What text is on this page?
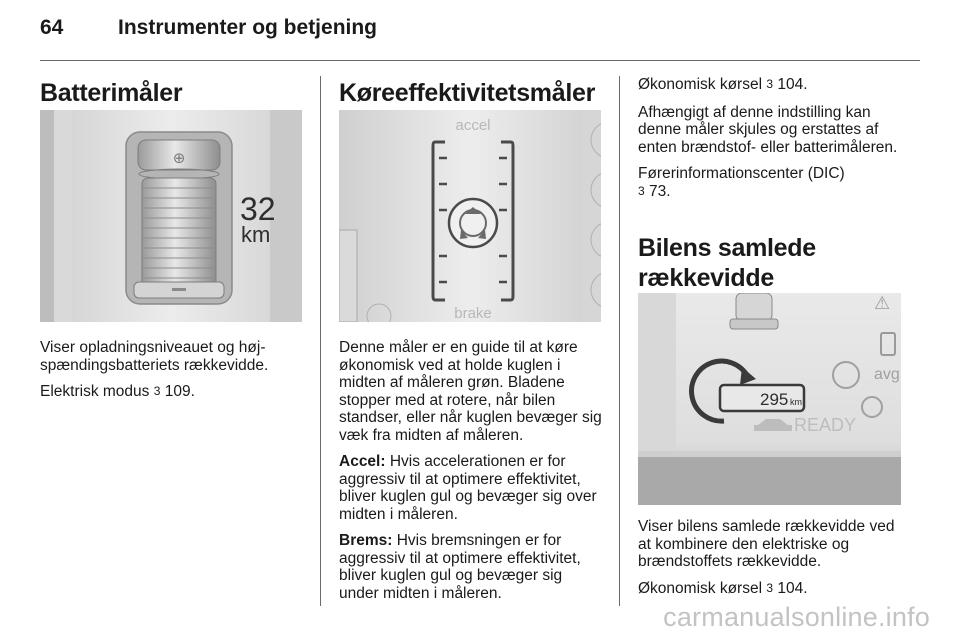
64	Instrumenter og betjening
Batterimåler
⊕
32
km

Viser opladningsniveauet og højspændingsbatteriets rækkevidde.

Elektrisk modus 3 109.

Køreeffektivitetsmåler
accel
brake

Denne måler er en guide til at køre økonomisk ved at holde kuglen i midten af måleren grøn. Bladene stopper med at rotere, når bilen standser, eller når kuglen bevæger sig væk fra midten af måleren.

Accel: Hvis accelerationen er for aggressiv til at optimere effektivitet, bliver kuglen gul og bevæger sig over midten i måleren.

Brems: Hvis bremsningen er for aggressiv til at optimere effektivitet, bliver kuglen gul og bevæger sig under midten i måleren.

Økonomisk kørsel 3 104.

Afhængigt af denne indstilling kan denne måler skjules og erstattes af enten brændstof- eller batterimåleren.

Førerinformationscenter (DIC)
3 73.

Bilens samlede
rækkevidde
⚠
avg
295 km
READY

Viser bilens samlede rækkevidde ved at kombinere den elektriske og brændstoffets rækkevidde.

Økonomisk kørsel 3 104.

carmanualsonline.info
